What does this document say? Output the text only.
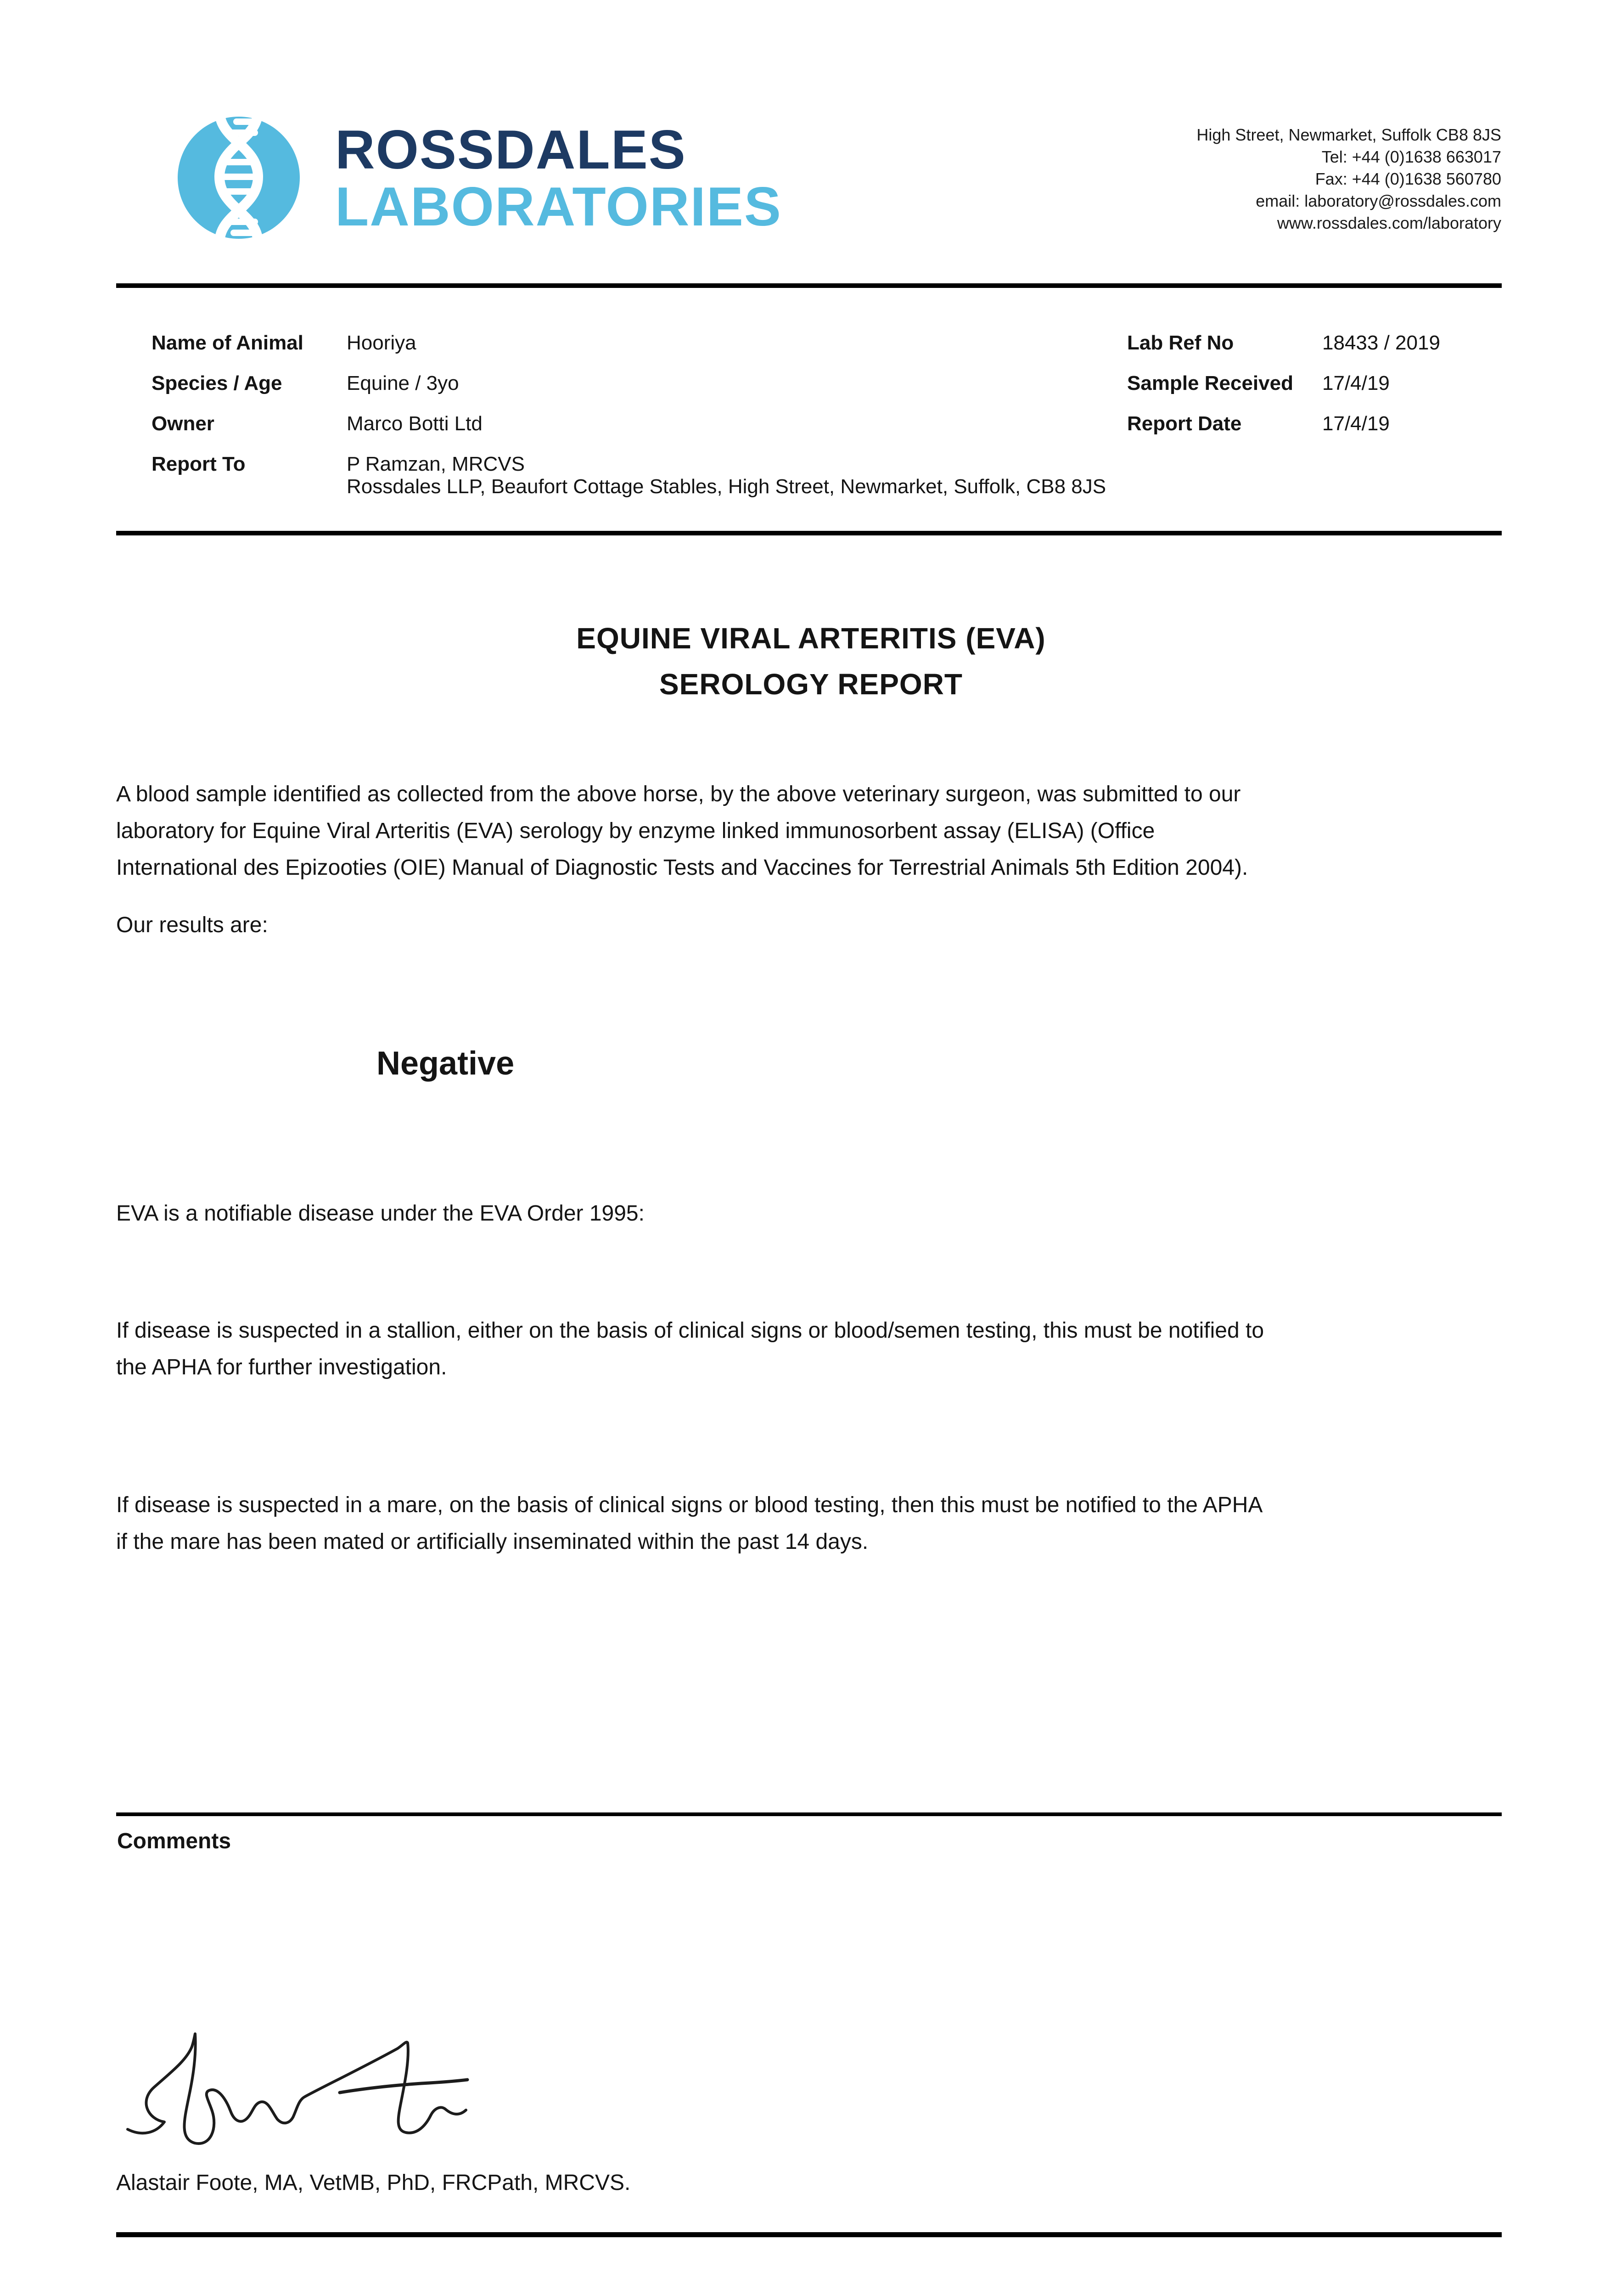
ROSSDALES
LABORATORIES
High Street, Newmarket, Suffolk CB8 8JS
Tel: +44 (0)1638 663017
Fax: +44 (0)1638 560780
email: laboratory@rossdales.com
www.rossdales.com/laboratory
Name of Animal Hooriya
Species / Age	Equine / 3yo
Owner	Marco Botti Ltd
Report To	P Ramzan, MRCVS
Rossdales LLP, Beaufort Cottage Stables, High Street, Newmarket, Suffolk, CB8 8JS
Lab Ref No	18433 / 2019
Sample Received 17/4/19
Report Date	17/4/19
EQUINE VIRAL ARTERITIS (EVA)
SEROLOGY REPORT
A blood sample identified as collected from the above horse, by the above veterinary surgeon, was submitted to our
laboratory for Equine Viral Arteritis (EVA) serology by enzyme linked immunosorbent assay (ELISA) (Office
International des Epizooties (OIE) Manual of Diagnostic Tests and Vaccines for Terrestrial Animals 5th Edition 2004).
Our results are:
Negative
EVA is a notifiable disease under the EVA Order 1995:
If disease is suspected in a stallion, either on the basis of clinical signs or blood/semen testing, this must be notified to
the APHA for further investigation.
If disease is suspected in a mare, on the basis of clinical signs or blood testing, then this must be notified to the APHA
if the mare has been mated or artificially inseminated within the past 14 days.
Comments
Alastair Foote, MA, VetMB, PhD, FRCPath, MRCVS.
